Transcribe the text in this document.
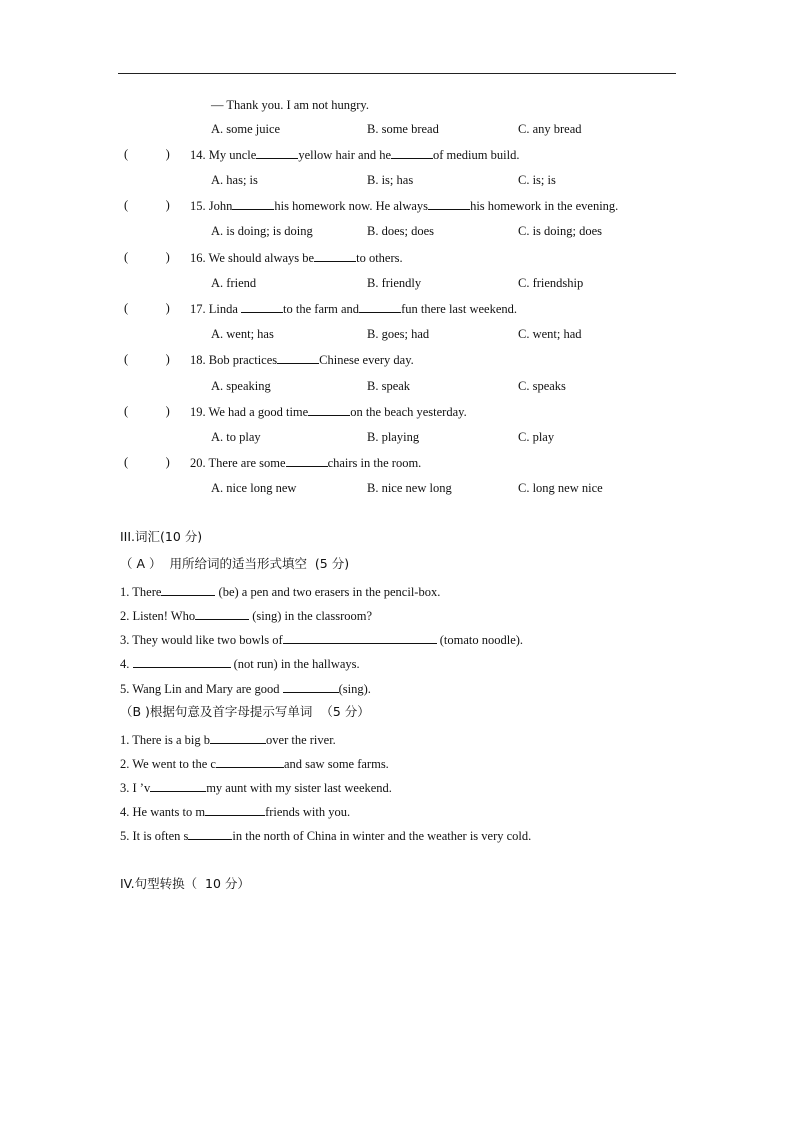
— Thank you. I am not hungry.
A. some juice	B. some bread	C. any bread
(            ) 14. My uncle	yellow hair and he	of medium build.
A. has; is	B. is; has	C. is; is
(            ) 15. John	his homework now. He always	his homework in the evening.
A. is doing; is doing	B. does; does	C. is doing; does
(            ) 16. We should always be	to others.
A. friend	B. friendly	C. friendship
(            ) 17. Linda	to the farm and	fun there last weekend.
A. went; has	B. goes; had	C. went; had
(            ) 18. Bob practices	Chinese every day.
A. speaking	B. speak	C. speaks
(            ) 19. We had a good time	on the beach yesterday.
A. to play	B. playing	C. play
(            ) 20. There are some	chairs in the room.
A. nice long new	B. nice new long	C. long new nice
III.词汇(10 分)
（ A ）  用所给词的适当形式填空  (5 分)
1. There	(be) a pen and two erasers in the pencil-box.
2. Listen! Who	(sing) in the classroom?
3. They would like two bowls of	(tomato noodle).
4.	(not run) in the hallways.
5. Wang Lin and Mary are good	(sing).
（B )根据句意及首字母提示写单词  （5 分）
1. There is a big b	over the river.
2. We went to the c	and saw some farms.
3. I ’v	my aunt with my sister last weekend.
4. He wants to m	friends with you.
5. It is often s	in the north of China in winter and the weather is very cold.
IV.句型转换（  10 分）
